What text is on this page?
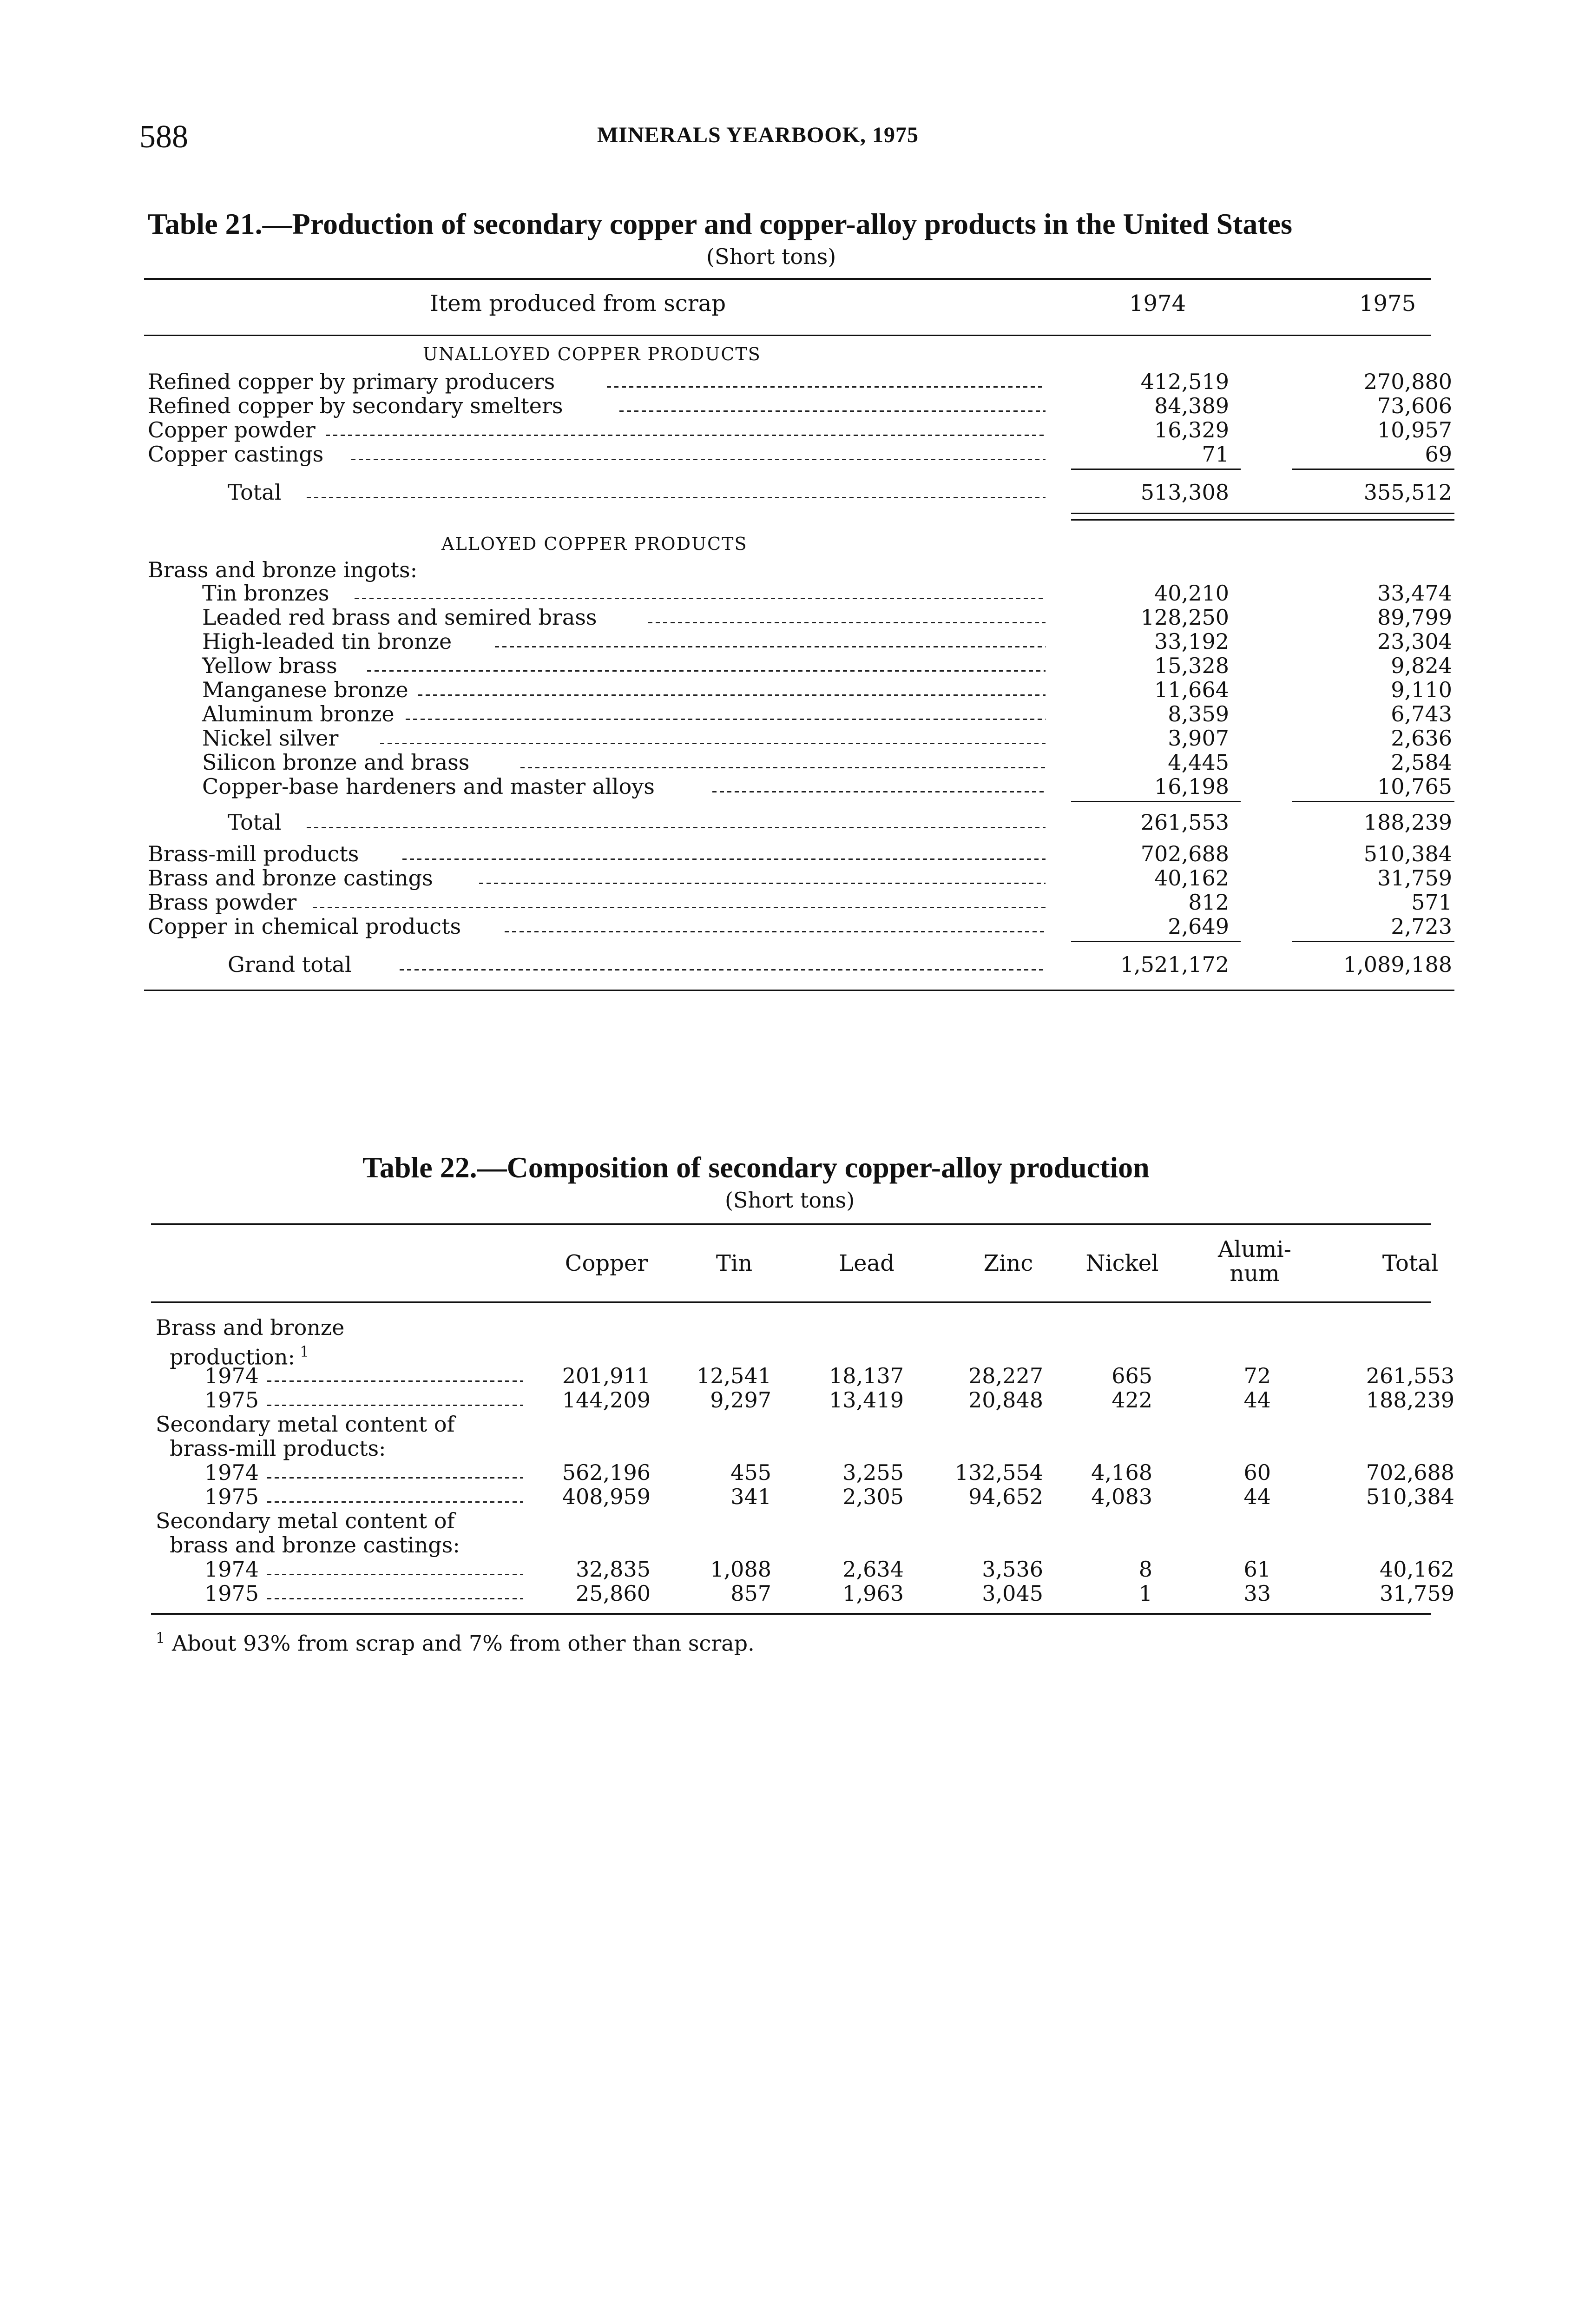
588	MINERALS YEARBOOK, 1975
Table 21.—Production of secondary copper and copper-alloy products in the United States
(Short tons)
Item produced from scrap	1974	1975
UNALLOYED COPPER PRODUCTS
Refined copper by primary producers	412,519	270,880
Refined copper by secondary smelters	84,389	73,606
Copper powder	16,329	10,957
Copper castings	71	69
Total	513,308	355,512
ALLOYED COPPER PRODUCTS
Brass and bronze ingots:
Tin bronzes	40,210	33,474
Leaded red brass and semired brass	128,250	89,799
High-leaded tin bronze	33,192	23,304
Yellow brass	15,328	9,824
Manganese bronze	11,664	9,110
Aluminum bronze	8,359	6,743
Nickel silver	3,907	2,636
Silicon bronze and brass	4,445	2,584
Copper-base hardeners and master alloys	16,198	10,765
Total	261,553	188,239
Brass-mill products	702,688	510,384
Brass and bronze castings	40,162	31,759
Brass powder	812	571
Copper in chemical products	2,649	2,723
Grand total	1,521,172	1,089,188
Table 22.—Composition of secondary copper-alloy production
(Short tons)
Copper	Tin	Lead	Zinc	Nickel
Alumi-
num	Total
Brass and bronze
production: $^1$
1974	201,911	12,541	18,137	28,227	665	72	261,553
1975	144,209	9,297	13,419	20,848	422	44	188,239
Secondary metal content of
brass-mill products:
1974	562,196	455	3,255	132,554	4,168	60	702,688
1975	408,959	341	2,305	94,652	4,083	44	510,384
Secondary metal content of
brass and bronze castings:
1974	32,835	1,088	2,634	3,536	8	61	40,162
1975	25,860	857	1,963	3,045	1	33	31,759
$^1$ About 93% from scrap and 7% from other than scrap.
